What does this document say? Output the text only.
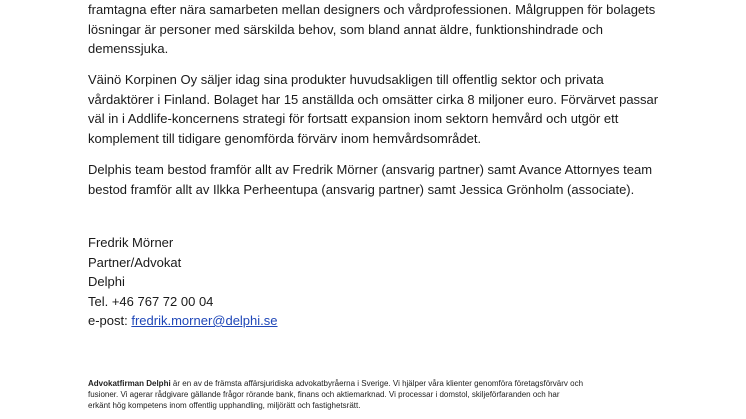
framtagna efter nära samarbeten mellan designers och vårdprofessionen. Målgruppen för bolagets
lösningar är personer med särskilda behov, som bland annat äldre, funktionshindrade och
demenssjuka.

Väinö Korpinen Oy säljer idag sina produkter huvudsakligen till offentlig sektor och privata
vårdaktörer i Finland. Bolaget har 15 anställda och omsätter cirka 8 miljoner euro. Förvärvet passar
väl in i Addlife-koncernens strategi för fortsatt expansion inom sektorn hemvård och utgör ett
komplement till tidigare genomförda förvärv inom hemvårdsområdet.

Delphis team bestod framför allt av Fredrik Mörner (ansvarig partner) samt Avance Attornyes team
bestod framför allt av Ilkka Perheentupa (ansvarig partner) samt Jessica Grönholm (associate).

Fredrik Mörner
Partner/Advokat
Delphi
Tel. +46 767 72 00 04
e-post: fredrik.morner@delphi.se
Advokatfirman Delphi är en av de främsta affärsjuridiska advokatbyråerna i Sverige. Vi hjälper våra klienter genomföra företagsförvärv och
fusioner. Vi agerar rådgivare gällande frågor rörande bank, finans och aktiemarknad. Vi processar i domstol, skiljeförfaranden och har
erkänt hög kompetens inom offentlig upphandling, miljörätt och fastighetsrätt.
